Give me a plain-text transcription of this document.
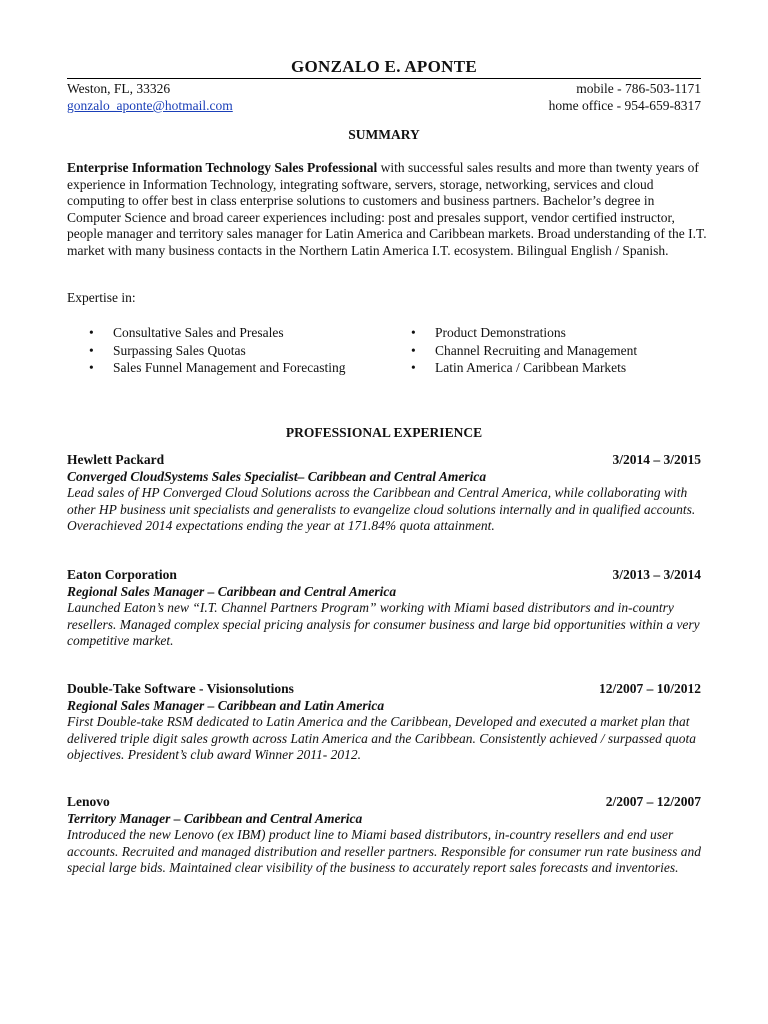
GONZALO E. APONTE
Weston, FL, 33326	mobile - 786-503-1171
gonzalo_aponte@hotmail.com	home office - 954-659-8317
SUMMARY
Enterprise Information Technology Sales Professional with successful sales results and more than twenty years of experience in Information Technology, integrating software, servers, storage, networking, services and cloud computing to offer best in class enterprise solutions to customers and business partners. Bachelor’s degree in Computer Science and broad career experiences including: post and presales support, vendor certified instructor, people manager and territory sales manager for Latin America and Caribbean markets. Broad understanding of the I.T. market with many business contacts in the Northern Latin America I.T. ecosystem. Bilingual English / Spanish.
Expertise in:
•	Consultative Sales and Presales
•	Surpassing Sales Quotas
•	Sales Funnel Management and Forecasting
•	Product Demonstrations
•	Channel Recruiting and Management
•	Latin America / Caribbean Markets
PROFESSIONAL EXPERIENCE
Hewlett Packard	3/2014 – 3/2015
Converged CloudSystems Sales Specialist– Caribbean and Central America
Lead sales of HP Converged Cloud Solutions across the Caribbean and Central America, while collaborating with other HP business unit specialists and generalists to evangelize cloud solutions internally and in qualified accounts. Overachieved 2014 expectations ending the year at 171.84% quota attainment.
Eaton Corporation	3/2013 – 3/2014
Regional Sales Manager – Caribbean and Central America
Launched Eaton’s new “I.T. Channel Partners Program” working with Miami based distributors and in-country resellers. Managed complex special pricing analysis for consumer business and large bid opportunities within a very competitive market.
Double-Take Software - Visionsolutions	12/2007 – 10/2012
Regional Sales Manager – Caribbean and Latin America
First Double-take RSM dedicated to Latin America and the Caribbean, Developed and executed a market plan that delivered triple digit sales growth across Latin America and the Caribbean. Consistently achieved / surpassed quota objectives. President’s club award Winner 2011- 2012.
Lenovo	2/2007 – 12/2007
Territory Manager – Caribbean and Central America
Introduced the new Lenovo (ex IBM) product line to Miami based distributors, in-country resellers and end user accounts. Recruited and managed distribution and reseller partners. Responsible for consumer run rate business and special large bids. Maintained clear visibility of the business to accurately report sales forecasts and inventories.
